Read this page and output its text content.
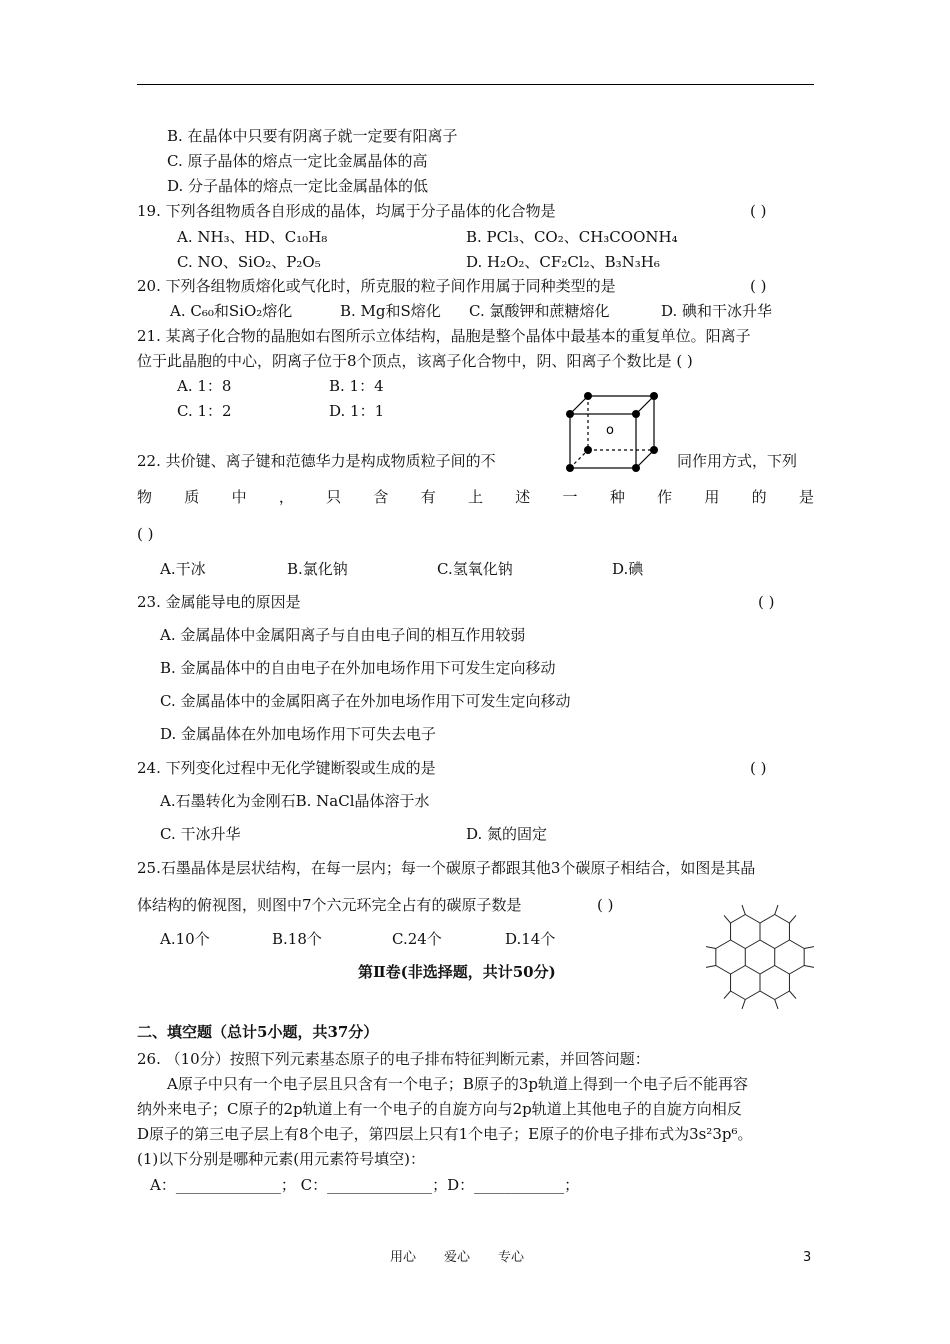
B. 在晶体中只要有阴离子就一定要有阳离子
C. 原子晶体的熔点一定比金属晶体的高
D. 分子晶体的熔点一定比金属晶体的低
19. 下列各组物质各自形成的晶体，均属于分子晶体的化合物是	( )
A. NH₃、HD、C₁₀H₈	B. PCl₃、CO₂、CH₃COONH₄
C. NO、SiO₂、P₂O₅	D. H₂O₂、CF₂Cl₂、B₃N₃H₆
20. 下列各组物质熔化或气化时，所克服的粒子间作用属于同种类型的是	( )
A. C₆₀和SiO₂熔化	B. Mg和S熔化 C. 氯酸钾和蔗糖熔化	D. 碘和干冰升华
21. 某离子化合物的晶胞如右图所示立体结构，晶胞是整个晶体中最基本的重复单位。阳离子
位于此晶胞的中心，阴离子位于8个顶点，该离子化合物中，阴、阳离子个数比是 ( )
A. 1：8	B. 1：4
C. 1：2	D. 1：1
o
22. 共价键、离子键和范德华力是构成物质粒子间的不	同作用方式，下列
物 质 中 ， 只 含 有 上 述 一 种 作 用 的 是
( )
A.干冰	B.氯化钠	C.氢氧化钠	D.碘
23. 金属能导电的原因是	( )
A. 金属晶体中金属阳离子与自由电子间的相互作用较弱
B. 金属晶体中的自由电子在外加电场作用下可发生定向移动
C. 金属晶体中的金属阳离子在外加电场作用下可发生定向移动
D. 金属晶体在外加电场作用下可失去电子
24. 下列变化过程中无化学键断裂或生成的是	( )
A.石墨转化为金刚石B. NaCl晶体溶于水
C. 干冰升华	D. 氮的固定
25.石墨晶体是层状结构，在每一层内；每一个碳原子都跟其他3个碳原子相结合，如图是其晶
体结构的俯视图，则图中7个六元环完全占有的碳原子数是	( )
A.10个	B.18个	C.24个	D.14个
第Ⅱ卷(非选择题，共计50分)
二、填空题（总计5小题，共37分）
26. （10分）按照下列元素基态原子的电子排布特征判断元素，并回答问题：
A原子中只有一个电子层且只含有一个电子；B原子的3p轨道上得到一个电子后不能再容
纳外来电子；C原子的2p轨道上有一个电子的自旋方向与2p轨道上其他电子的自旋方向相反
D原子的第三电子层上有8个电子，第四层上只有1个电子；E原子的价电子排布式为3s²3p⁶。
(1)以下分别是哪种元素(用元素符号填空)：
A：______________； C：______________；D：____________；
用心 爱心 专心	3
